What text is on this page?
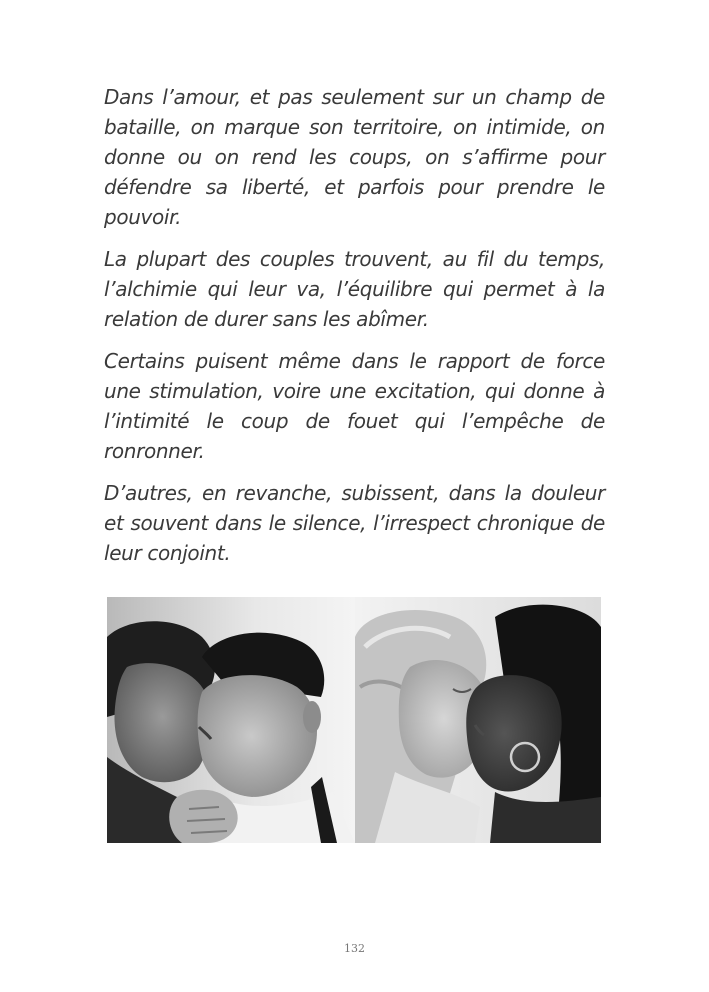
Dans l’amour, et pas seulement sur un champ de bataille, on marque son territoire, on intimide, on donne ou on rend les coups, on s’affirme pour défendre sa liberté, et parfois pour prendre le pouvoir.

La plupart des couples trouvent, au fil du temps, l’alchimie qui leur va, l’équilibre qui permet à la relation de durer sans les abîmer.

Certains puisent même dans le rapport de force une stimulation, voire une excitation, qui donne à l’intimité le coup de fouet qui l’empêche de ronronner.

D’autres, en revanche, subissent, dans la douleur et souvent dans le silence, l’irrespect chronique de leur conjoint.

132
